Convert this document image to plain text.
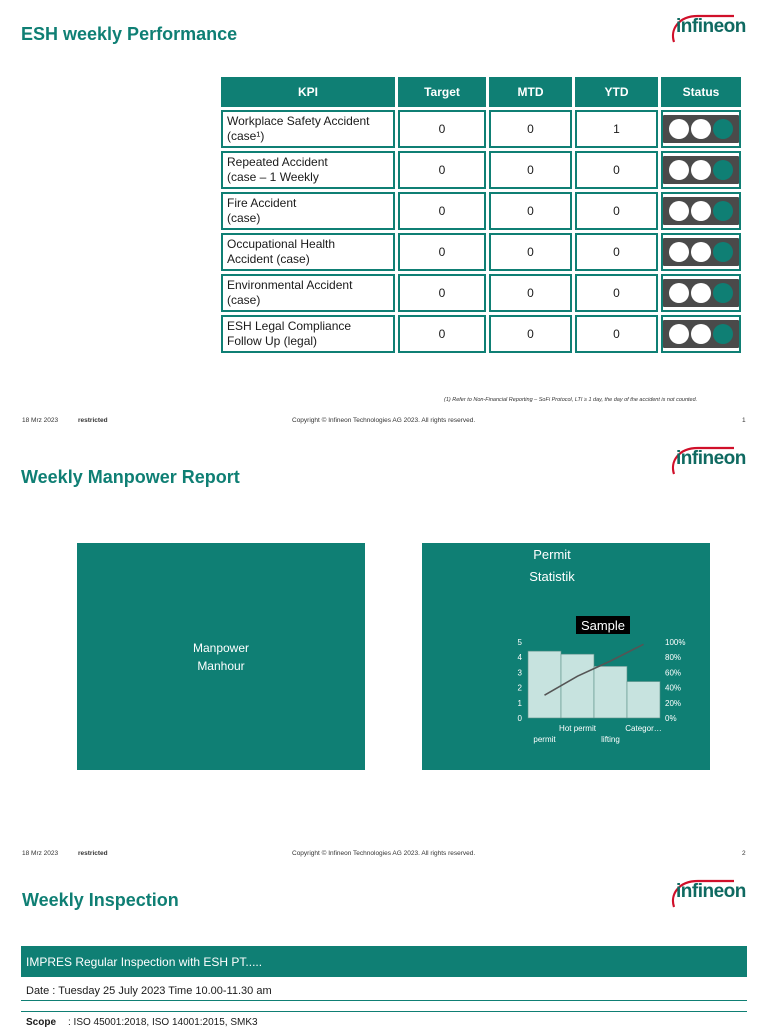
ESH weekly Performance	infineon
KPI	Target	MTD	YTD	Status
Workplace Safety Accident
(case¹)	0	0	1	

Repeated Accident
(case – 1 Weekly	0	0	0	

Fire Accident
(case)	0	0	0	

Occupational Health
Accident (case)	0	0	0	

Environmental Accident
(case)	0	0	0	

ESH Legal Compliance
Follow Up (legal)	0	0	0	
(1) Refer to Non-Financial Reporting – SoFi Protocol, LTI ≥ 1 day, the day of the accident is not counted.
18 Mrz 2023	restricted	Copyright © Infineon Technologies AG 2023. All rights reserved.	1
Weekly Manpower Report
infineon
Manpower
Manhour
Permit
Statistik
Sample
0
1
2
3
4
5
0%
20%
40%
60%
80%
100%
Hot permit	Categor…
permit	lifting
18 Mrz 2023	restricted	Copyright © Infineon Technologies AG 2023. All rights reserved.	2
Weekly Inspection	infineon
IMPRES Regular Inspection with ESH PT.....
Date : Tuesday 25 July 2023 Time 10.00-11.30 am
Scope : ISO 45001:2018, ISO 14001:2015, SMK3
